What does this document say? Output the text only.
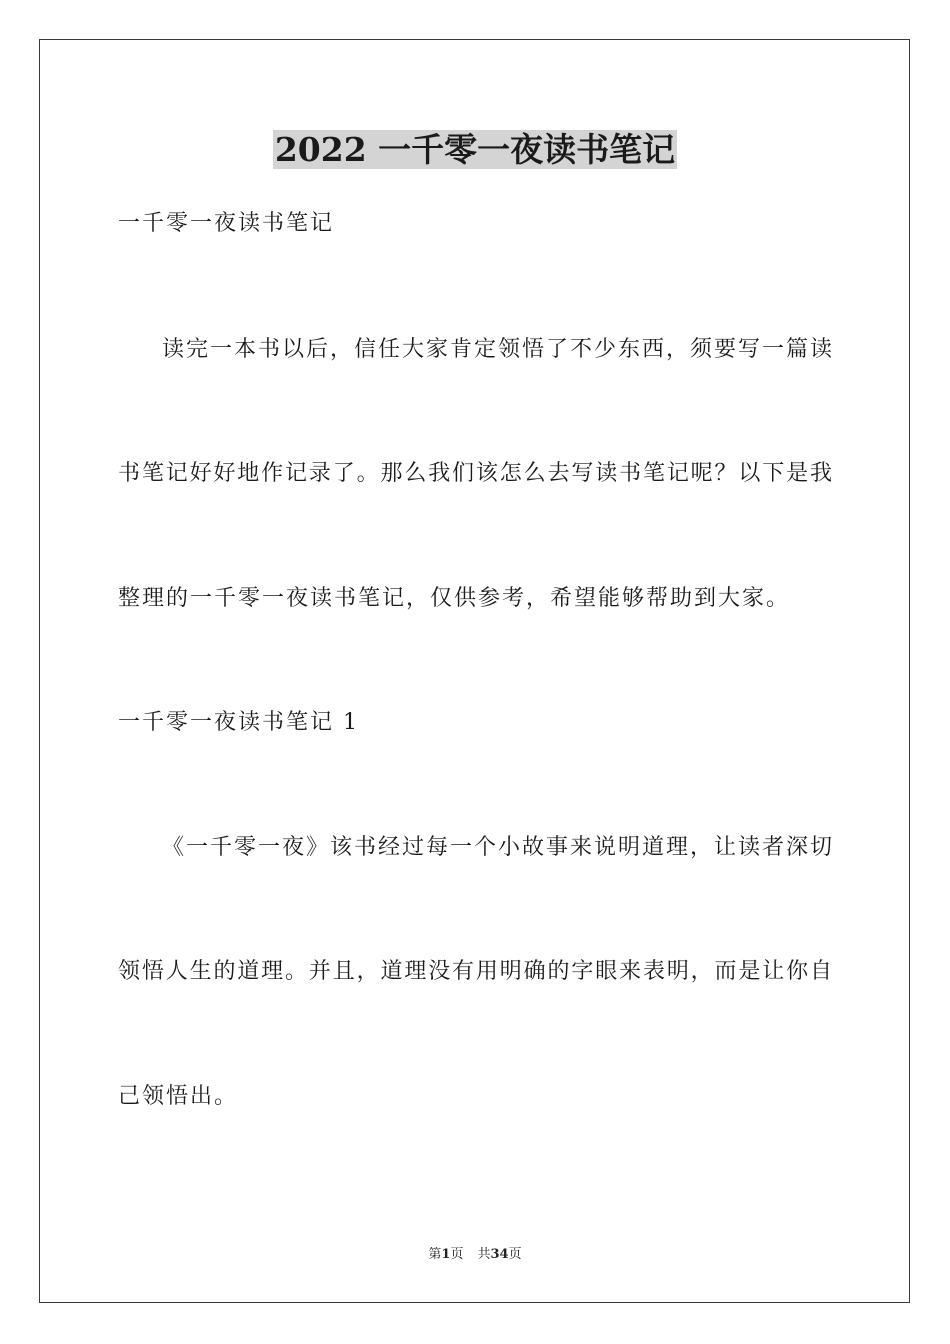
2022 一千零一夜读书笔记

一千零一夜读书笔记

读完一本书以后，信任大家肯定领悟了不少东西，须要写一篇读

书笔记好好地作记录了。那么我们该怎么去写读书笔记呢？以下是我

整理的一千零一夜读书笔记，仅供参考，希望能够帮助到大家。

一千零一夜读书笔记 1

《一千零一夜》该书经过每一个小故事来说明道理，让读者深切

领悟人生的道理。并且，道理没有用明确的字眼来表明，而是让你自

己领悟出。

第1页 共34页
